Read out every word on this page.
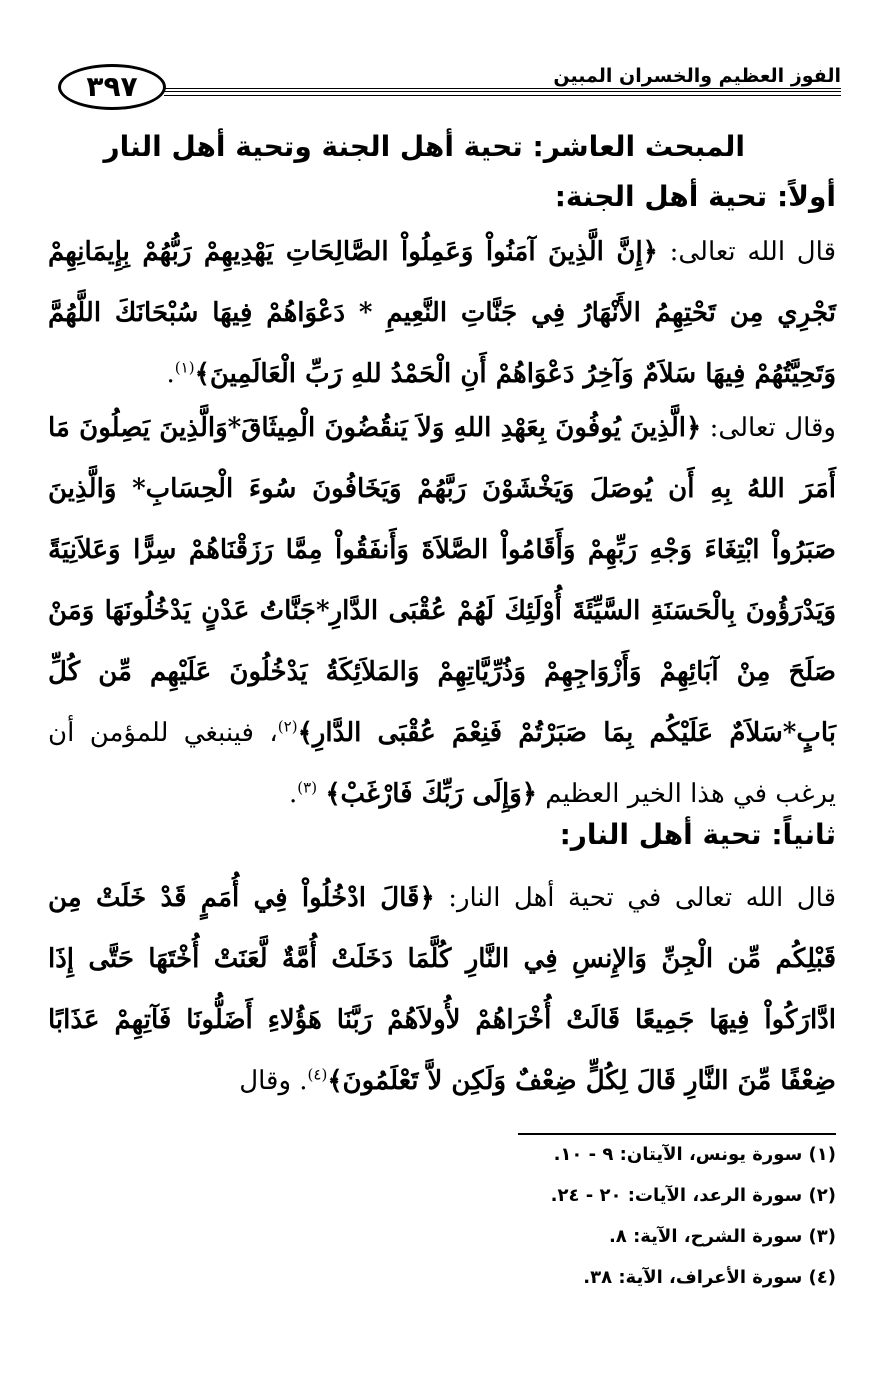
٣٩٧	الفوز العظيم والخسران المبين
المبحث العاشر: تحية أهل الجنة وتحية أهل النار
أولاً: تحية أهل الجنة:

قال الله تعالى: ﴿إِنَّ الَّذِينَ آمَنُواْ وَعَمِلُواْ الصَّالِحَاتِ يَهْدِيهِمْ رَبُّهُمْ بِإِيمَانِهِمْ تَجْرِي مِن تَحْتِهِمُ الأَنْهَارُ فِي جَنَّاتِ النَّعِيمِ * دَعْوَاهُمْ فِيهَا سُبْحَانَكَ اللَّهُمَّ وَتَحِيَّتُهُمْ فِيهَا سَلاَمٌ وَآخِرُ دَعْوَاهُمْ أَنِ الْحَمْدُ للهِ رَبِّ الْعَالَمِينَ﴾$^{(١)}$.

وقال تعالى: ﴿الَّذِينَ يُوفُونَ بِعَهْدِ اللهِ وَلاَ يَنقُضُونَ الْمِيثَاقَ*وَالَّذِينَ يَصِلُونَ مَا أَمَرَ اللهُ بِهِ أَن يُوصَلَ وَيَخْشَوْنَ رَبَّهُمْ وَيَخَافُونَ سُوءَ الْحِسَابِ* وَالَّذِينَ صَبَرُواْ ابْتِغَاءَ وَجْهِ رَبِّهِمْ وَأَقَامُواْ الصَّلاَةَ وَأَنفَقُواْ مِمَّا رَزَقْنَاهُمْ سِرًّا وَعَلاَنِيَةً وَيَدْرَؤُونَ بِالْحَسَنَةِ السَّيِّئَةَ أُوْلَئِكَ لَهُمْ عُقْبَى الدَّارِ*جَنَّاتُ عَدْنٍ يَدْخُلُونَهَا وَمَنْ صَلَحَ مِنْ آبَائِهِمْ وَأَزْوَاجِهِمْ وَذُرِّيَّاتِهِمْ وَالمَلاَئِكَةُ يَدْخُلُونَ عَلَيْهِم مِّن كُلِّ بَابٍ*سَلاَمٌ عَلَيْكُم بِمَا صَبَرْتُمْ فَنِعْمَ عُقْبَى الدَّارِ﴾$^{(٢)}$، فينبغي للمؤمن أن يرغب في هذا الخير العظيم ﴿وَإِلَى رَبِّكَ فَارْغَبْ﴾ $^{(٣)}$.

ثانياً: تحية أهل النار:

قال الله تعالى في تحية أهل النار: ﴿قَالَ ادْخُلُواْ فِي أُمَمٍ قَدْ خَلَتْ مِن قَبْلِكُم مِّن الْجِنِّ وَالإِنسِ فِي النَّارِ كُلَّمَا دَخَلَتْ أُمَّةٌ لَّعَنَتْ أُخْتَهَا حَتَّى إِذَا ادَّارَكُواْ فِيهَا جَمِيعًا قَالَتْ أُخْرَاهُمْ لأُولاَهُمْ رَبَّنَا هَؤُلاءِ أَضَلُّونَا فَآتِهِمْ عَذَابًا ضِعْفًا مِّنَ النَّارِ قَالَ لِكُلٍّ ضِعْفٌ وَلَكِن لاَّ تَعْلَمُونَ﴾$^{(٤)}$. وقال

(١) سورة يونس، الآيتان: ٩ - ١٠.
(٢) سورة الرعد، الآيات: ٢٠ - ٢٤.
(٣) سورة الشرح، الآية: ٨.
(٤) سورة الأعراف، الآية: ٣٨.
